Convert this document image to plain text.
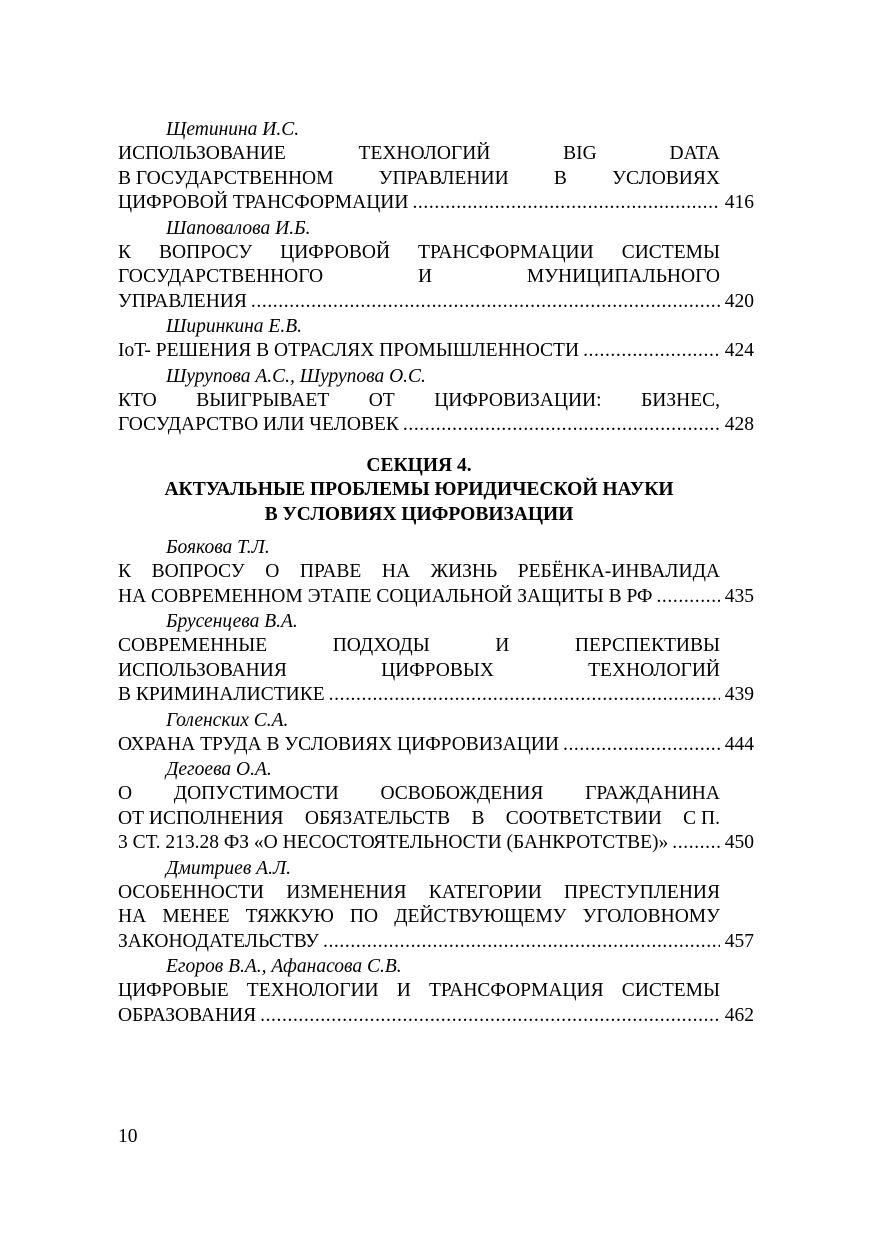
Щетинина И.С.
ИСПОЛЬЗОВАНИЕ	ТЕХНОЛОГИЙ	BIG	DATA
В ГОСУДАРСТВЕННОМ УПРАВЛЕНИИ В УСЛОВИЯХ
ЦИФРОВОЙ ТРАНСФОРМАЦИИ .....	416
Шаповалова И.Б.
К ВОПРОСУ ЦИФРОВОЙ ТРАНСФОРМАЦИИ СИСТЕМЫ
ГОСУДАРСТВЕННОГО	И	МУНИЦИПАЛЬНОГО
УПРАВЛЕНИЯ .....	420
Ширинкина Е.В.
IoT- РЕШЕНИЯ В ОТРАСЛЯХ ПРОМЫШЛЕННОСТИ .....	424
Шурупова А.С., Шурупова О.С.
КТО ВЫИГРЫВАЕТ ОТ ЦИФРОВИЗАЦИИ: БИЗНЕС,
ГОСУДАРСТВО ИЛИ ЧЕЛОВЕК .....	428
СЕКЦИЯ 4.
АКТУАЛЬНЫЕ ПРОБЛЕМЫ ЮРИДИЧЕСКОЙ НАУКИ
В УСЛОВИЯХ ЦИФРОВИЗАЦИИ
Боякова Т.Л.
К ВОПРОСУ О ПРАВЕ НА ЖИЗНЬ РЕБЁНКА-ИНВАЛИДА
НА СОВРЕМЕННОМ ЭТАПЕ СОЦИАЛЬНОЙ ЗАЩИТЫ В РФ .....	435
Брусенцева В.А.
СОВРЕМЕННЫЕ	ПОДХОДЫ	И	ПЕРСПЕКТИВЫ
ИСПОЛЬЗОВАНИЯ	ЦИФРОВЫХ	ТЕХНОЛОГИЙ
В КРИМИНАЛИСТИКЕ .....	439
Голенских С.А.
ОХРАНА ТРУДА В УСЛОВИЯХ ЦИФРОВИЗАЦИИ .....	444
Дегоева О.А.
О ДОПУСТИМОСТИ ОСВОБОЖДЕНИЯ ГРАЖДАНИНА
ОТ ИСПОЛНЕНИЯ ОБЯЗАТЕЛЬСТВ В СООТВЕТСТВИИ С П.
3 СТ. 213.28 ФЗ «О НЕСОСТОЯТЕЛЬНОСТИ (БАНКРОТСТВЕ)» .....	450
Дмитриев А.Л.
ОСОБЕННОСТИ ИЗМЕНЕНИЯ КАТЕГОРИИ ПРЕСТУПЛЕНИЯ
НА МЕНЕЕ ТЯЖКУЮ ПО ДЕЙСТВУЮЩЕМУ УГОЛОВНОМУ
ЗАКОНОДАТЕЛЬСТВУ .....	457
Егоров В.А., Афанасова С.В.
ЦИФРОВЫЕ ТЕХНОЛОГИИ И ТРАНСФОРМАЦИЯ СИСТЕМЫ
ОБРАЗОВАНИЯ .....	462
10
